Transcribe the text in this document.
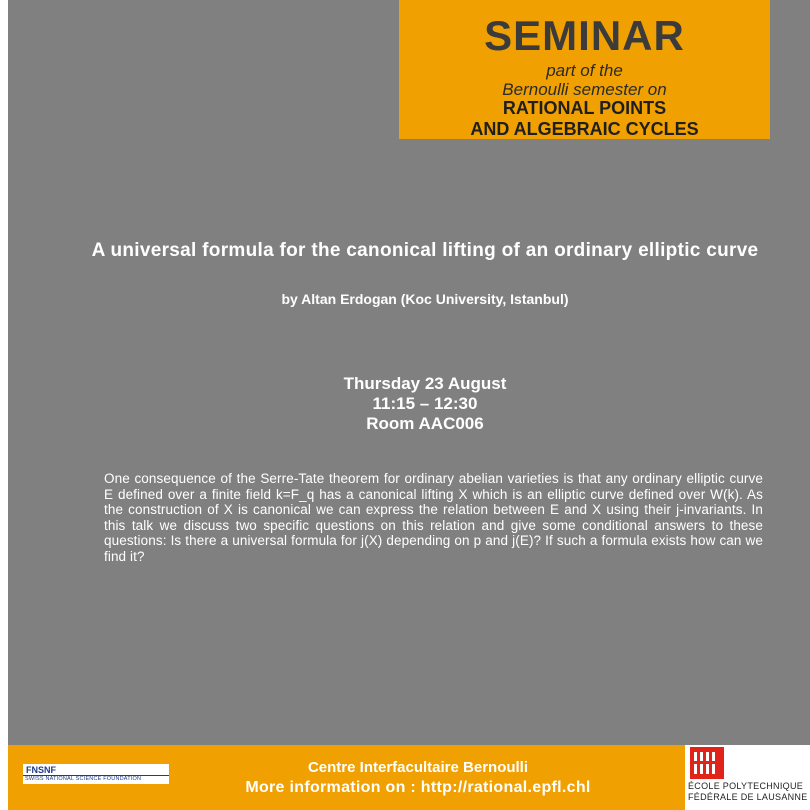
SEMINAR
part of the
Bernoulli semester on
RATIONAL POINTS
AND ALGEBRAIC CYCLES
A universal formula for the canonical lifting of an ordinary elliptic curve
by Altan Erdogan (Koc University, Istanbul)
Thursday 23 August
11:15 – 12:30
Room AAC006
One consequence of the Serre-Tate theorem for ordinary abelian varieties is that any ordinary elliptic curve E defined over a finite field k=F_q has a canonical lifting X which is an elliptic curve defined over W(k). As the construction of X is canonical we can express the relation between E and X using their j-invariants. In this talk we discuss two specific questions on this relation and give some conditional answers to these questions: Is there a universal formula for j(X) depending on p and j(E)? If such a formula exists how can we find it?
FNSNF
SWISS NATIONAL SCIENCE FOUNDATION
Centre Interfacultaire Bernoulli
More information on : http://rational.epfl.chl	ÉCOLE POLYTECHNIQUE
FÉDÉRALE DE LAUSANNE
